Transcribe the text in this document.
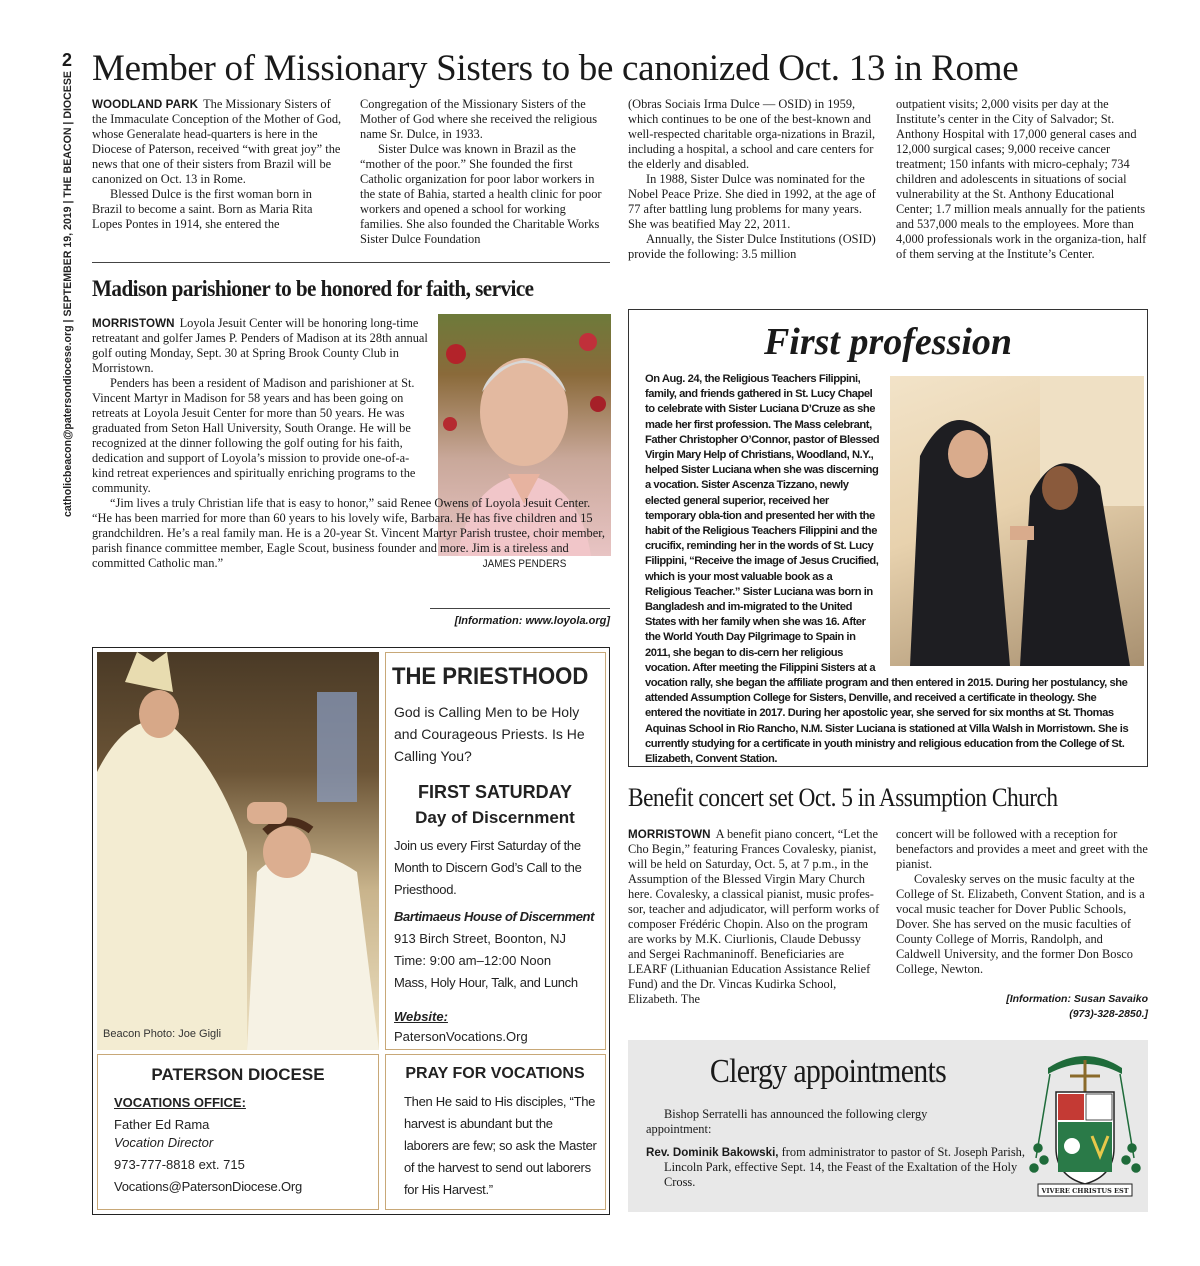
2
catholicbeacon@patersondiocese.org | SEPTEMBER 19, 2019 | THE BEACON | DIOCESE
Member of Missionary Sisters to be canonized Oct. 13 in Rome

WOODLAND PARK The Missionary Sisters of the Immaculate Conception of the Mother of God, whose Generalate head-quarters is here in the Diocese of Paterson, received “with great joy” the news that one of their sisters from Brazil will be canonized on Oct. 13 in Rome.

Blessed Dulce is the first woman born in Brazil to become a saint. Born as Maria Rita Lopes Pontes in 1914, she entered the

Congregation of the Missionary Sisters of the Mother of God where she received the religious name Sr. Dulce, in 1933.

Sister Dulce was known in Brazil as the “mother of the poor.” She founded the first Catholic organization for poor labor workers in the state of Bahia, started a health clinic for poor workers and opened a school for working families. She also founded the Charitable Works Sister Dulce Foundation

(Obras Sociais Irma Dulce — OSID) in 1959, which continues to be one of the best-known and well-respected charitable orga-nizations in Brazil, including a hospital, a school and care centers for the elderly and disabled.

In 1988, Sister Dulce was nominated for the Nobel Peace Prize. She died in 1992, at the age of 77 after battling lung problems for many years. She was beatified May 22, 2011.

Annually, the Sister Dulce Institutions (OSID) provide the following: 3.5 million

outpatient visits; 2,000 visits per day at the Institute’s center in the City of Salvador; St. Anthony Hospital with 17,000 general cases and 12,000 surgical cases; 9,000 receive cancer treatment; 150 infants with micro-cephaly; 734 children and adolescents in situations of social vulnerability at the St. Anthony Educational Center; 1.7 million meals annually for the patients and 537,000 meals to the employees. More than 4,000 professionals work in the organiza-tion, half of them serving at the Institute’s Center.

Madison parishioner to be honored for faith, service
JAMES PENDERS

MORRISTOWN Loyola Jesuit Center will be honoring long-time retreatant and golfer James P. Penders of Madison at its 28th annual golf outing Monday, Sept. 30 at Spring Brook County Club in Morristown.

Penders has been a resident of Madison and parishioner at St. Vincent Martyr in Madison for 58 years and has been going on retreats at Loyola Jesuit Center for more than 50 years. He was graduated from Seton Hall University, South Orange. He will be recognized at the dinner following the golf outing for his faith, dedication and support of Loyola’s mission to provide one-of-a-kind retreat experiences and spiritually enriching programs to the community.

“Jim lives a truly Christian life that is easy to honor,” said Renee Owens of Loyola Jesuit Center. “He has been married for more than 60 years to his lovely wife, Barbara. He has five children and 15 grandchildren. He’s a real family man. He is a 20-year St. Vincent Martyr Parish trustee, choir member, parish finance committee member, Eagle Scout, business founder and more. Jim is a tireless and committed Catholic man.”

[Information: www.loyola.org]
First profession
On Aug. 24, the Religious Teachers Filippini, family, and friends gathered in St. Lucy Chapel to celebrate with Sister Luciana D’Cruze as she made her first profession. The Mass celebrant, Father Christopher O’Connor, pastor of Blessed Virgin Mary Help of Christians, Woodland, N.Y., helped Sister Luciana when she was discerning a vocation. Sister Ascenza Tizzano, newly elected general superior, received her temporary obla-tion and presented her with the habit of the Religious Teachers Filippini and the crucifix, reminding her in the words of St. Lucy Filippini, “Receive the image of Jesus Crucified, which is your most valuable book as a Religious Teacher.” Sister Luciana was born in Bangladesh and im-migrated to the United States with her family when she was 16. After the World Youth Day Pilgrimage to Spain in 2011, she began to dis-cern her religious vocation. After meeting the Filippini Sisters at a vocation rally, she began the affiliate program and then entered in 2015. During her postulancy, she attended Assumption College for Sisters, Denville, and received a certificate in theology. She entered the novitiate in 2017. During her apostolic year, she served for six months at St. Thomas Aquinas School in Rio Rancho, N.M. Sister Luciana is stationed at Villa Walsh in Morristown. She is currently studying for a certificate in youth ministry and religious education from the College of St. Elizabeth, Convent Station.
Beacon Photo: Joe Gigli
THE PRIESTHOOD
God is Calling Men to be Holy and Courageous Priests. Is He Calling You?
FIRST SATURDAY
Day of Discernment
Join us every First Saturday of the Month to Discern God’s Call to the Priesthood.
Bartimaeus House of Discernment
913 Birch Street, Boonton, NJ
Time: 9:00 am–12:00 Noon
Mass, Holy Hour, Talk, and Lunch
Website:
PatersonVocations.Org
PATERSON DIOCESE
VOCATIONS OFFICE:
Father Ed Rama
Vocation Director
973-777-8818 ext. 715
Vocations@PatersonDiocese.Org
PRAY FOR VOCATIONS
Then He said to His disciples, “The harvest is abundant but the laborers are few; so ask the Master of the harvest to send out laborers for His Harvest.”
Benefit concert set Oct. 5 in Assumption Church

MORRISTOWN A benefit piano concert, “Let the Cho Begin,” featuring Frances Covalesky, pianist, will be held on Saturday, Oct. 5, at 7 p.m., in the Assumption of the Blessed Virgin Mary Church here. Covalesky, a classical pianist, music profes-sor, teacher and adjudicator, will perform works of composer Frédéric Chopin. Also on the program are works by M.K. Ciurlionis, Claude Debussy and Sergei Rachmaninoff. Beneficiaries are LEARF (Lithuanian Education Assistance Relief Fund) and the Dr. Vincas Kudirka School, Elizabeth. The

concert will be followed with a reception for benefactors and provides a meet and greet with the pianist.

Covalesky serves on the music faculty at the College of St. Elizabeth, Convent Station, and is a vocal music teacher for Dover Public Schools, Dover. She has served on the music faculties of County College of Morris, Randolph, and Caldwell University, and the former Don Bosco College, Newton.

[Information: Susan Savaiko (973)-328-2850.]
Clergy appointments
Bishop Serratelli has announced the following clergy appointment:
Rev. Dominik Bakowski, from administrator to pastor of St. Joseph Parish, Lincoln Park, effective Sept. 14, the Feast of the Exaltation of the Holy Cross.
VIVERE CHRISTUS EST
